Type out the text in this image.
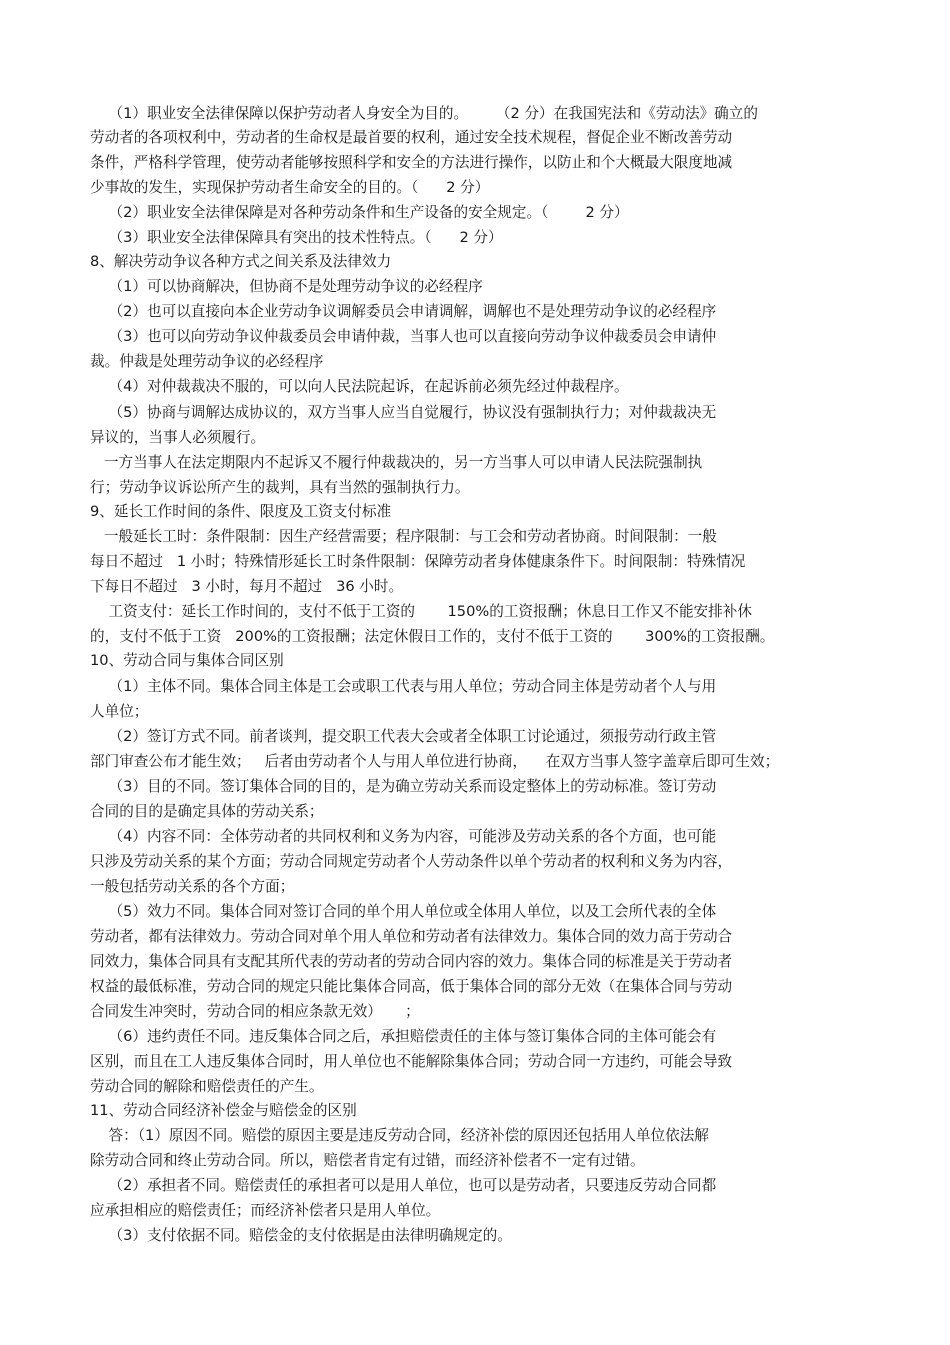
（1）职业安全法律保障以保护劳动者人身安全为目的。      （2 分）在我国宪法和《劳动法》确立的

劳动者的各项权利中，劳动者的生命权是最首要的权利，通过安全技术规程，督促企业不断改善劳动

条件，严格科学管理，使劳动者能够按照科学和安全的方法进行操作，以防止和个大概最大限度地减

少事故的发生，实现保护劳动者生命安全的目的。（      2 分）

（2）职业安全法律保障是对各种劳动条件和生产设备的安全规定。（        2 分）

（3）职业安全法律保障具有突出的技术性特点。（      2 分）

8、解决劳动争议各种方式之间关系及法律效力

（1）可以协商解决，但协商不是处理劳动争议的必经程序

（2）也可以直接向本企业劳动争议调解委员会申请调解，调解也不是处理劳动争议的必经程序

（3）也可以向劳动争议仲裁委员会申请仲裁，当事人也可以直接向劳动争议仲裁委员会申请仲

裁。仲裁是处理劳动争议的必经程序

（4）对仲裁裁决不服的，可以向人民法院起诉，在起诉前必须先经过仲裁程序。

（5）协商与调解达成协议的，双方当事人应当自觉履行，协议没有强制执行力；对仲裁裁决无

异议的，当事人必须履行。

一方当事人在法定期限内不起诉又不履行仲裁裁决的，另一方当事人可以申请人民法院强制执

行；劳动争议诉讼所产生的裁判，具有当然的强制执行力。

9、延长工作时间的条件、限度及工资支付标准

一般延长工时：条件限制：因生产经营需要；程序限制：与工会和劳动者协商。时间限制：一般

每日不超过   1 小时；特殊情形延长工时条件限制：保障劳动者身体健康条件下。时间限制：特殊情况

下每日不超过   3 小时，每月不超过   36 小时。

工资支付：延长工作时间的，支付不低于工资的       150%的工资报酬；休息日工作又不能安排补休

的，支付不低于工资   200%的工资报酬；法定休假日工作的，支付不低于工资的       300%的工资报酬。

10、劳动合同与集体合同区别

（1）主体不同。集体合同主体是工会或职工代表与用人单位；劳动合同主体是劳动者个人与用

人单位；

（2）签订方式不同。前者谈判，提交职工代表大会或者全体职工讨论通过，须报劳动行政主管

部门审查公布才能生效；   后者由劳动者个人与用人单位进行协商，    在双方当事人签字盖章后即可生效；

（3）目的不同。签订集体合同的目的，是为确立劳动关系而设定整体上的劳动标准。签订劳动

合同的目的是确定具体的劳动关系；

（4）内容不同：全体劳动者的共同权利和义务为内容，可能涉及劳动关系的各个方面，也可能

只涉及劳动关系的某个方面；劳动合同规定劳动者个人劳动条件以单个劳动者的权利和义务为内容，

一般包括劳动关系的各个方面；

（5）效力不同。集体合同对签订合同的单个用人单位或全体用人单位，以及工会所代表的全体

劳动者，都有法律效力。劳动合同对单个用人单位和劳动者有法律效力。集体合同的效力高于劳动合

同效力，集体合同具有支配其所代表的劳动者的劳动合同内容的效力。集体合同的标准是关于劳动者

权益的最低标准，劳动合同的规定只能比集体合同高，低于集体合同的部分无效（在集体合同与劳动

合同发生冲突时，劳动合同的相应条款无效）     ；

（6）违约责任不同。违反集体合同之后，承担赔偿责任的主体与签订集体合同的主体可能会有

区别，而且在工人违反集体合同时，用人单位也不能解除集体合同；劳动合同一方违约，可能会导致

劳动合同的解除和赔偿责任的产生。

11、劳动合同经济补偿金与赔偿金的区别

答：（1）原因不同。赔偿的原因主要是违反劳动合同，经济补偿的原因还包括用人单位依法解

除劳动合同和终止劳动合同。所以，赔偿者肯定有过错，而经济补偿者不一定有过错。

（2）承担者不同。赔偿责任的承担者可以是用人单位，也可以是劳动者，只要违反劳动合同都

应承担相应的赔偿责任；而经济补偿者只是用人单位。

（3）支付依据不同。赔偿金的支付依据是由法律明确规定的。
